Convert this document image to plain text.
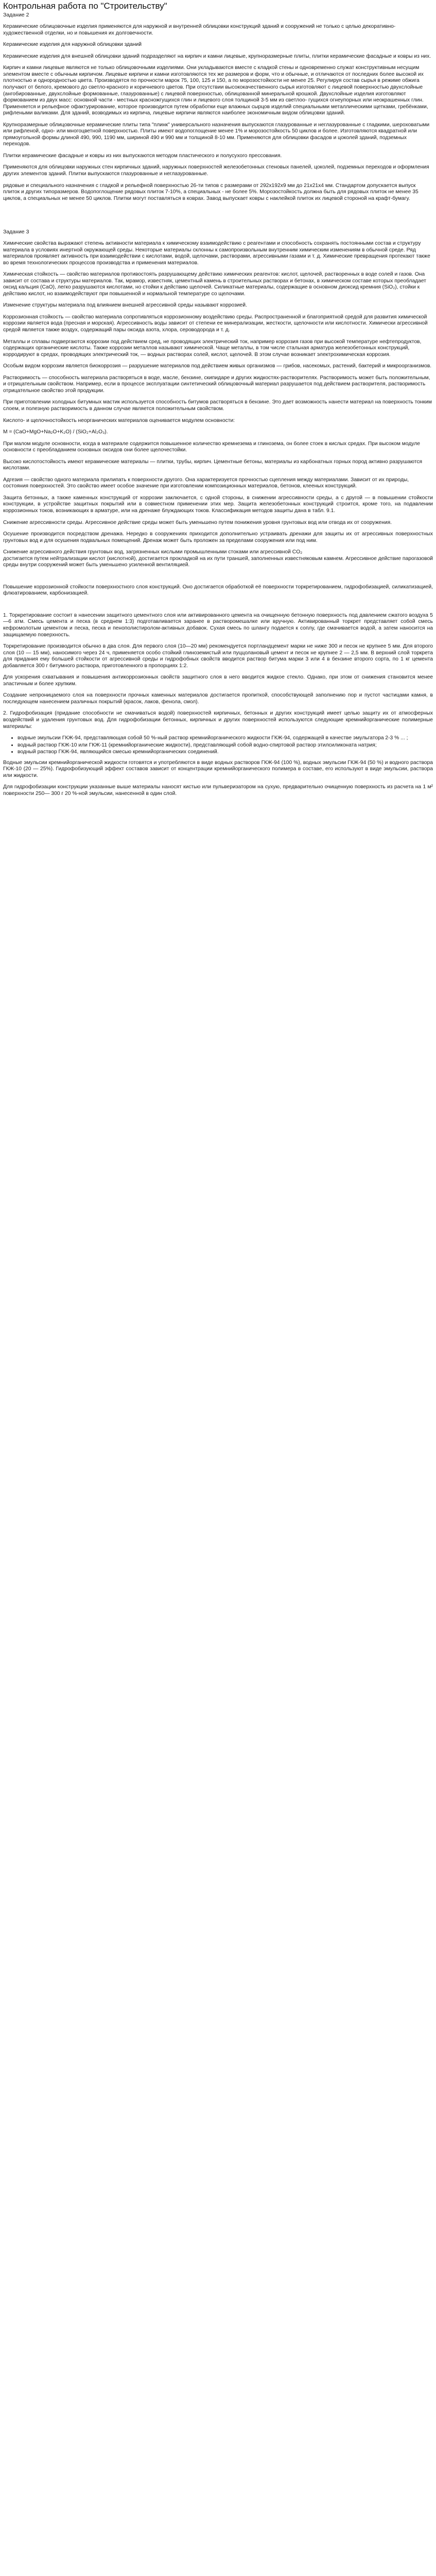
Контрольная работа по "Строительству"
Задание 2

Керамические облицовочные изделия применяются для наружной и внутренней облицовки конструкций зданий и сооружений не только с целью декоративно-художественной отделки, но и повышения их долговечности.

Керамические изделия для наружной облицовки зданий

Керамические изделия для внешней облицовки зданий подразделяют на кирпич и камни лицевые, крупноразмерные плиты, плитки керамические фасадные и ковры из них.

Кирпич и камни лицевые являются не только облицовочными изделиями. Они укладываются вместе с кладкой стены и одновременно служат конструктивным несущим элементом вместе с обычным кирпичом. Лицевые кирпичи и камни изготовляются тех же размеров и форм, что и обычные, и отличаются от последних более высокой их плотностью и однородностью цвета. Производятся по прочности марок 75, 100, 125 и 150, а по морозостойкости не менее 25. Регулируя состав сырья в режиме обжига получают от белого, кремового до светло-красного и коричневого цветов. При отсутствии высококачественного сырья изготовляют с лицевой поверхностью двухслойные (ангобированные, двухслойные формованные, глазурованные) с лицевой поверхностью, облицованной минеральной крошкой. Двухслойные изделия изготовляют формованием из двух масс: основной части - местных красножгущихся глин и лицевого слоя толщиной 3-5 мм из светлоо- гущихся огнеупорных или неокрашенных глин. Применяется и рельефное офактурирование, которое производится путем обработки еще влажных сырцов изделий специальными металлическими щетками, гребёнками, рифлеными валиками. Для зданий, возводимых из кирпича, лицевые кирпичи являются наиболее экономичным видом облицовки зданий.

Крупноразмерные облицовочные керамические плиты типа "плинк" универсального назначения выпускаются глазурованные и неглазурованные с гладкими, шероховатыми или рифленой, одно- или многоцветной поверхностью. Плиты имеют водопоглощение менее 1% и морозостойкость 50 циклов и более. Изготовляются квадратной или прямоугольной формы длиной 490, 990, 1190 мм, шириной 490 и 990 мм и толщиной 8-10 мм. Применяются для облицовки фасадов и цоколей зданий, подземных переходов.

Плитки керамические фасадные и ковры из них выпускаются методом пластического и полусухого прессования.

Применяются для облицовки наружных стен кирпичных зданий, наружных поверхностей железобетонных стеновых панелей, цоколей, подземных переходов и оформления других элементов зданий. Плитки выпускаются глазурованные и неглазурованные.

рядовые и специального назначения с гладкой и рельефной поверхностью 26-ти типов с размерами от 292x192x9 мм до 21x21x4 мм. Стандартом допускается выпуск плиток и других типоразмеров. Водопоглощение рядовых плиток 7-10%, а специальных - не более 5%. Морозостойкость должна быть для рядовых плиток не менее 35 циклов, а специальных не менее 50 циклов. Плитки могут поставляться в коврах. Завод выпускает ковры с наклейкой плиток их лицевой стороной на крафт-бумагу.

Задание 3

Химические свойства выражают степень активности материала к химическому взаимодействию с реагентами и способность сохранять постоянными состав и структуру материала в условиях инертной окружающей среды. Некоторые материалы склонны к самопроизвольным внутренним химическим изменениям в обычной среде. Ряд материалов проявляет активность при взаимодействии с кислотами, водой, щелочами, растворами, агрессивными газами и т. д. Химические превращения протекают также во время технологических процессов производства и применения материалов.

Химическая стойкость — свойство материалов противостоять разрушающему действию химических реагентов: кислот, щелочей, растворенных в воде солей и газов. Она зависит от состава и структуры материалов. Так, мрамор, известняк, цементный камень в строительных растворах и бетонах, в химическом составе которых преобладает оксид кальция (CaO), легко разрушаются кислотами, но стойки к действию щелочей. Силикатные материалы, содержащие в основном диоксид кремния (SiO₂), стойки к действию кислот, но взаимодействуют при повышенной и нормальной температуре со щелочами.

Изменение структуры материала под влиянием внешней агрессивной среды называют коррозией.

Коррозионная стойкость — свойство материала сопротивляться коррозионному воздействию среды. Распространенной и благоприятной средой для развития химической коррозии является вода (пресная и морская). Агрессивность воды зависит от степени ее минерализации, жесткости, щелочности или кислотности. Химически агрессивной средой является также воздух, содержащий пары оксида азота, хлора, сероводорода и т. д.

Металлы и сплавы подвергаются коррозии под действием сред, не проводящих электрический ток, например коррозия газов при высокой температуре нефтепродуктов, содержащих органические кислоты. Также коррозии металлов называют химической. Чаще металлы, в том числе стальная арматура железобетонных конструкций, корродируют в средах, проводящих электрический ток, — водных растворах солей, кислот, щелочей. В этом случае возникает электрохимическая коррозия.

Особым видом коррозии является биокоррозия — разрушение материалов под действием живых организмов — грибов, насекомых, растений, бактерий и микроорганизмов.

Растворимость — способность материала растворяться в воде, масле, бензине, скипидаре и других жидкостях-растворителях. Растворимость может быть положительным, и отрицательным свойством. Например, если в процессе эксплуатации синтетический облицовочный материал разрушается под действием растворителя, растворимость отрицательное свойство этой продукции.

При приготовлении холодных битумных мастик используется способность битумов растворяться в бензине. Это дает возможность нанести материал на поверхность тонким слоем, и полезную растворимость в данном случае является положительным свойством.

Кислото- и щелочностойкость неорганических материалов оценивается модулем основности:

M = (CaO+MgO+Na₂O+K₂O) / (SiO₂+Al₂O₃).

При малом модуле основности, когда в материале содержится повышенное количество кремнезема и глинозема, он более стоек в кислых средах. При высоком модуле основности с преобладанием основных оксидов они более щелочестойки.

Высоко кислотостойкость имеют керамические материалы — плитки, трубы, кирпич. Цементные бетоны, материалы из карбонатных горных пород активно разрушаются кислотами.

Адгезия — свойство одного материала прилипать к поверхности другого. Она характеризуется прочностью сцепления между материалами. Зависит от их природы, состояния поверхностей. Это свойство имеет особое значение при изготовлении композиционных материалов, бетонов, клееных конструкций.

Защита бетонных, а также каменных конструкций от коррозии заключается, с одной стороны, в снижении агрессивности среды, а с другой — в повышении стойкости конструкции, в устройстве защитных покрытий или в совместном применении этих мер. Защита железобетонных конструкций строится, кроме того, на подавлении коррозионных токов, возникающих в арматуре, или на дренаже блуждающих токов. Классификация методов защиты дана в табл. 9.1.

Снижение агрессивности среды. Агрессивное действие среды может быть уменьшено путем понижения уровня грунтовых вод или отвода их от сооружения.

Осушение производится посредством дренажа. Нередко в сооружениях приходится дополнительно устраивать дренажи для защиты их от агрессивных поверхностных грунтовых вод и для осушения подвальных помещений. Дренаж может быть проложен за пределами сооружения или под ним.

Снижение агрессивного действия грунтовых вод, загрязненных кислыми промышленными стоками или агрессивной CO₂

достигается путем нейтрализации кислот (кислотной), достигается прокладкой на их пути траншей, заполненных известняковым камнем. Агрессивное действие парогазовой среды внутри сооружений может быть уменьшено усиленной вентиляцией.

Повышение коррозионной стойкости поверхностного слоя конструкций. Оно достигается обработкой её поверхности торкретированием, гидрофобизацией, силикатизацией, флюатированием, карбонизацией.

1. Торкретирование состоит в нанесении защитного цементного слоя или активированного цемента на очищенную бетонную поверхность под давлением сжатого воздуха 5—6 атм. Смесь цемента и песка (в среднем 1:3) подготавливается заранее в растворомешалке или вручную. Активированный торкрет представляет собой смесь кефромолотым цементом и песка, песка и пенополистиролом-активных добавок. Сухая смесь по шлангу подается к соплу, где смачивается водой, а затем наносится на защищаемую поверхность.

Торкретирование производится обычно в два слоя. Для первого слоя (10—20 мм) рекомендуется портландцемент марки не ниже 300 и песок не крупнее 5 мм. Для второго слоя (10 — 15 мм), наносимого через 24 ч, применяется особо стойкий глиноземистый или пуццолановый цемент и песок не крупнее 2 — 2,5 мм. В верхний слой торкрета для придания ему большей стойкости от агрессивной среды и гидрофобных свойств вводится раствор битума марки 3 или 4 в бензине второго сорта, по 1 кг цемента добавляется 300 г битумного раствора, приготовленного в пропорциях 1:2.

Для ускорения схватывания и повышения антикоррозионных свойств защитного слоя в него вводится жидкое стекло. Однако, при этом от снижения становится менее эластичным и более хрупким.

Создание непроницаемого слоя на поверхности прочных каменных материалов достигается пропиткой, способствующей заполнению пор и пустот частицами камня, в последующем нанесением различных покрытий (красок, лаков, фенола, смол).

2. Гидрофобизация (придание способности не смачиваться водой) поверхностей кирпичных, бетонных и других конструкций имеет целью защиту их от атмосферных воздействий и удаления грунтовых вод. Для гидрофобизации бетонных, кирпичных и других поверхностей используются следующие кремнийорганические полимерные материалы:

• водные эмульсии ГКЖ-94, представляющая собой 50 %-ный раствор кремнийорганического жидкости ГКЖ-94, содержащей в качестве эмульгатора 2-3 % ... ;
• водный раствор ГКЖ-10 или ГКЖ-11 (кремнийорганические жидкости), представляющий собой водно-спиртовой раствор этилсиликоната натрия;
• водный раствор ГКЖ-94, являющийся смесью кремнийорганических соединений.

Водные эмульсии кремнийорганической жидкости готовятся и употребляются в виде водных растворов ГКЖ-94 (100 %), водных эмульсии ГКЖ-94 (50 %) и водного раствора ГКЖ-10 (20 — 25%). Гидрофобизующий эффект составов зависит от концентрации кремнийорганического полимера в составе, его используют в виде эмульсии, раствора или жидкости.

Для гидрофобизации конструкции указанные выше материалы наносят кистью или пульверизатором на сухую, предварительно очищенную поверхность из расчета на 1 м² поверхности 250— 300 г 20 %-ной эмульсии, нанесенной в один слой.
